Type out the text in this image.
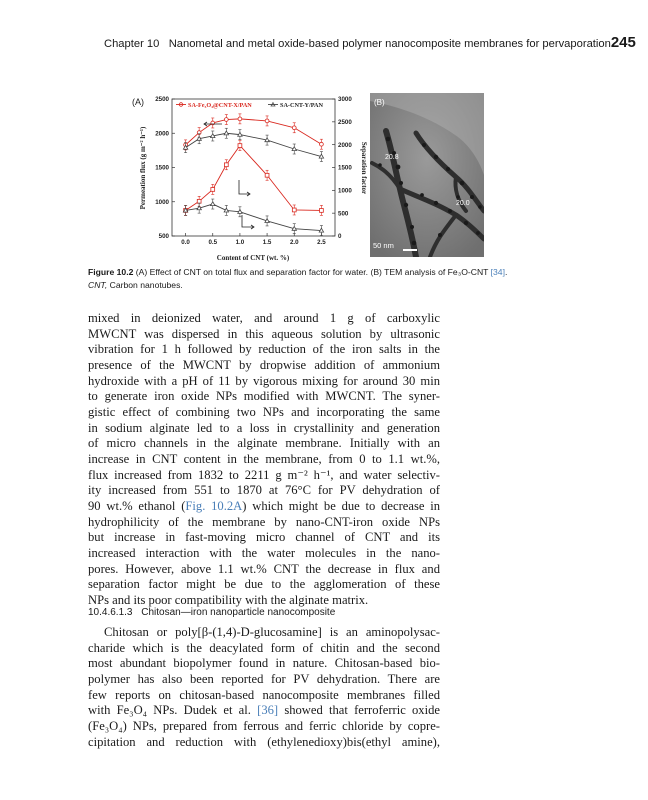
Chapter 10 Nanometal and metal oxide-based polymer nanocomposite membranes for pervaporation 245
(A)
0.0	0.5	1.0	1.5	2.0	2.5
500
1000
1500
2000
2500
0
500
1000
1500
2000
2500
3000
SA-Fe₃O₄@CNT-X/PAN	SA-CNT-Y/PAN
Permeation flux (g m⁻² h⁻¹)	Separation factor
Content of CNT (wt. %)
(B)
20.8
20.0
50 nm
Figure 10.2 (A) Effect of CNT on total flux and separation factor for water. (B) TEM analysis of Fe₃O-CNT [34].
CNT, Carbon nanotubes.
mixed in deionized water, and around 1 g of carboxylic
MWCNT was dispersed in this aqueous solution by ultrasonic
vibration for 1 h followed by reduction of the iron salts in the
presence of the MWCNT by dropwise addition of ammonium
hydroxide with a pH of 11 by vigorous mixing for around 30 min
to generate iron oxide NPs modified with MWCNT. The syner-
gistic effect of combining two NPs and incorporating the same
in sodium alginate led to a loss in crystallinity and generation
of micro channels in the alginate membrane. Initially with an
increase in CNT content in the membrane, from 0 to 1.1 wt.%,
flux increased from 1832 to 2211 g m⁻² h⁻¹, and water selectiv-
ity increased from 551 to 1870 at 76°C for PV dehydration of
90 wt.% ethanol (Fig. 10.2A) which might be due to decrease in
hydrophilicity of the membrane by nano-CNT-iron oxide NPs
but increase in fast-moving micro channel of CNT and its
increased interaction with the water molecules in the nano-
pores. However, above 1.1 wt.% CNT the decrease in flux and
separation factor might be due to the agglomeration of these
NPs and its poor compatibility with the alginate matrix.
10.4.6.1.3 Chitosan—iron nanoparticle nanocomposite
Chitosan or poly[β-(1,4)-D-glucosamine] is an aminopolysac-
charide which is the deacylated form of chitin and the second
most abundant biopolymer found in nature. Chitosan-based bio-
polymer has also been reported for PV dehydration. There are
few reports on chitosan-based nanocomposite membranes filled
with Fe₃O₄ NPs. Dudek et al. [36] showed that ferroferric oxide
(Fe₃O₄) NPs, prepared from ferrous and ferric chloride by copre-
cipitation and reduction with (ethylenedioxy)bis(ethyl amine),
